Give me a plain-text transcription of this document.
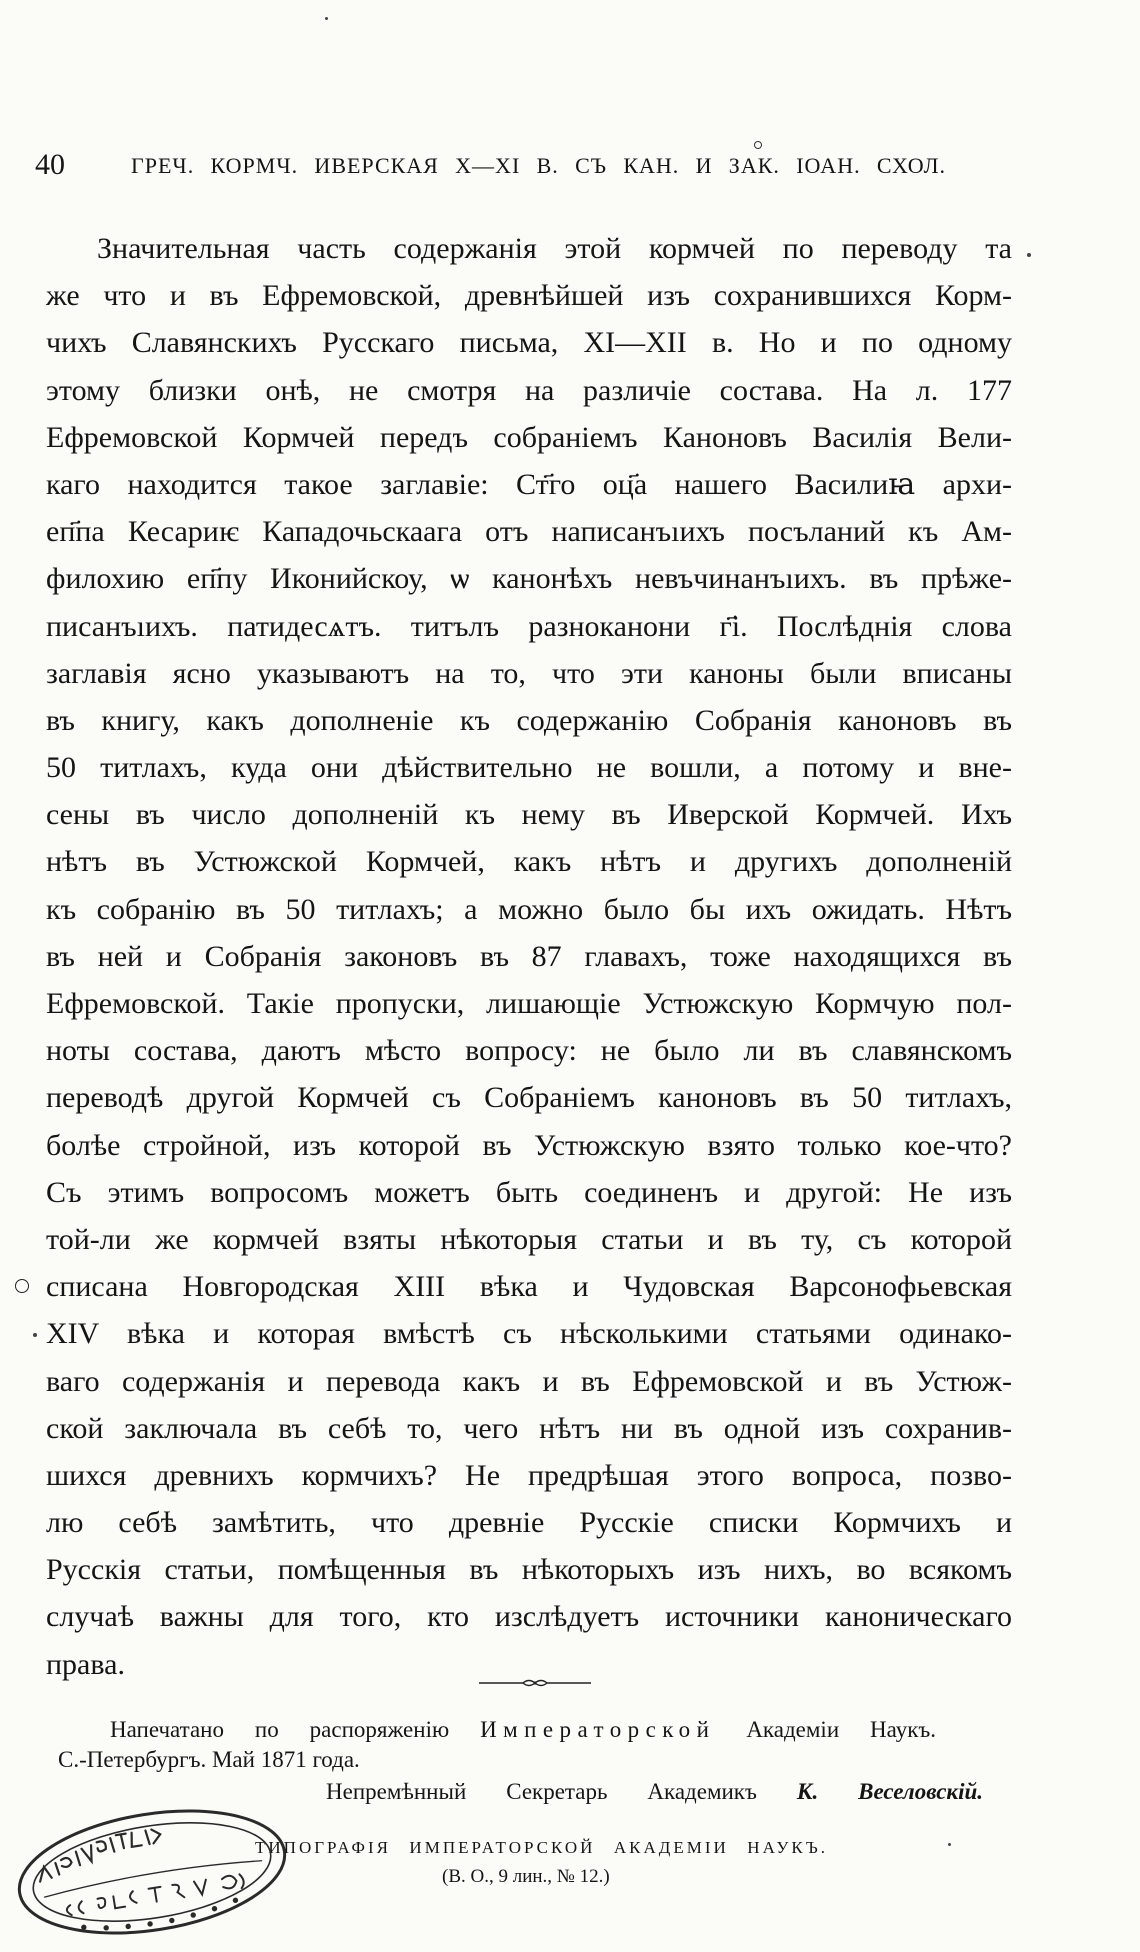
40	ГРЕЧ. КОРМЧ. ИВЕРСКАЯ X—XI В. СЪ КАН. И ЗАК. ІОАН. СХОЛ.
Значительная часть содержанія этой кормчей по переводу та
же что и въ Ефремовской, древнѣйшей изъ сохранившихся Корм-
чихъ Славянскихъ Русскаго письма, XI—XII в. Но и по одному
этому близки онѣ, не смотря на различіе состава. На л. 177
Ефремовской Кормчей передъ собраніемъ Каноновъ Василія Вели-
каго находится такое заглавіе: Ст҃го оц҃а нашего Василиꙗ архи-
еп҃па Кесариѥ Кападочьскаага отъ написанъıихъ посъланий къ Ам-
филохию еп҃пу Иконийскоу, ѡ канонѣхъ невъчинанъıихъ. въ прѣже-
писанъıихъ. патидесѧтъ. титълъ разноканони г҃і. Послѣднія слова
заглавія ясно указываютъ на то, что эти каноны были вписаны
въ книгу, какъ дополненіе къ содержанію Собранія каноновъ въ
50 титлахъ, куда они дѣйствительно не вошли, а потому и вне-
сены въ число дополненій къ нему въ Иверской Кормчей. Ихъ
нѣтъ въ Устюжской Кормчей, какъ нѣтъ и другихъ дополненій
къ собранію въ 50 титлахъ; а можно было бы ихъ ожидать. Нѣтъ
въ ней и Собранія законовъ въ 87 главахъ, тоже находящихся въ
Ефремовской. Такіе пропуски, лишающіе Устюжскую Кормчую пол-
ноты состава, даютъ мѣсто вопросу: не было ли въ славянскомъ
переводѣ другой Кормчей съ Собраніемъ каноновъ въ 50 титлахъ,
болѣе стройной, изъ которой въ Устюжскую взято только кое-что?
Съ этимъ вопросомъ можетъ быть соединенъ и другой: Не изъ
той-ли же кормчей взяты нѣкоторыя статьи и въ ту, съ которой
списана Новгородская XIII вѣка и Чудовская Варсонофьевская
XIV вѣка и которая вмѣстѣ съ нѣсколькими статьями одинако-
ваго содержанія и перевода какъ и въ Ефремовской и въ Устюж-
ской заключала въ себѣ то, чего нѣтъ ни въ одной изъ сохранив-
шихся древнихъ кормчихъ? Не предрѣшая этого вопроса, позво-
лю себѣ замѣтить, что древніе Русскіе списки Кормчихъ и
Русскія статьи, помѣщенныя въ нѣкоторыхъ изъ нихъ, во всякомъ
случаѣ важны для того, кто изслѣдуетъ источники каноническаго
права.
Напечатано по распоряженію Императорской Академіи Наукъ.
С.-Петербургъ. Май 1871 года.
Непремѣнный Секретарь Академикъ К. Веселовскій.
ТИПОГРАФІЯ ИМПЕРАТОРСКОЙ АКАДЕМІИ НАУКЪ.
(В. О., 9 лин., № 12.)
